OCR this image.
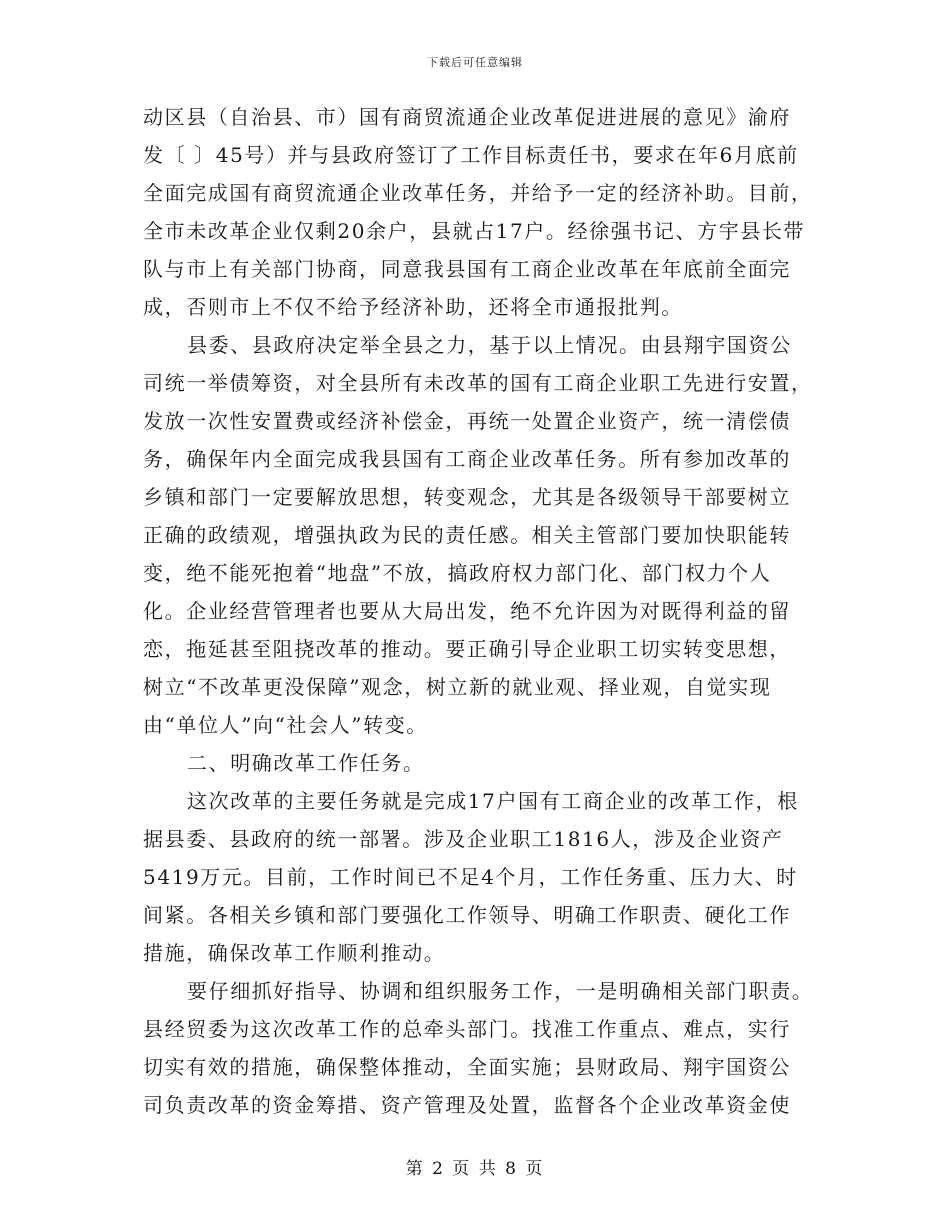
下载后可任意编辑
动区县（自治县、市）国有商贸流通企业改革促进进展的意见》渝府
发〔 〕45号）并与县政府签订了工作目标责任书，要求在年6月底前
全面完成国有商贸流通企业改革任务，并给予一定的经济补助。目前，
全市未改革企业仅剩20余户，县就占17户。经徐强书记、方宇县长带
队与市上有关部门协商，同意我县国有工商企业改革在年底前全面完
成，否则市上不仅不给予经济补助，还将全市通报批判。
县委、县政府决定举全县之力，基于以上情况。由县翔宇国资公
司统一举债筹资，对全县所有未改革的国有工商企业职工先进行安置，
发放一次性安置费或经济补偿金，再统一处置企业资产，统一清偿债
务，确保年内全面完成我县国有工商企业改革任务。所有参加改革的
乡镇和部门一定要解放思想，转变观念，尤其是各级领导干部要树立
正确的政绩观，增强执政为民的责任感。相关主管部门要加快职能转
变，绝不能死抱着“地盘”不放，搞政府权力部门化、部门权力个人
化。企业经营管理者也要从大局出发，绝不允许因为对既得利益的留
恋，拖延甚至阻挠改革的推动。要正确引导企业职工切实转变思想，
树立“不改革更没保障”观念，树立新的就业观、择业观，自觉实现
由“单位人”向“社会人”转变。
二、明确改革工作任务。
这次改革的主要任务就是完成17户国有工商企业的改革工作，根
据县委、县政府的统一部署。涉及企业职工1816人，涉及企业资产
5419万元。目前，工作时间已不足4个月，工作任务重、压力大、时
间紧。各相关乡镇和部门要强化工作领导、明确工作职责、硬化工作
措施，确保改革工作顺利推动。
要仔细抓好指导、协调和组织服务工作，一是明确相关部门职责。
县经贸委为这次改革工作的总牵头部门。找准工作重点、难点，实行
切实有效的措施，确保整体推动，全面实施；县财政局、翔宇国资公
司负责改革的资金筹措、资产管理及处置，监督各个企业改革资金使
第 2 页 共 8 页
